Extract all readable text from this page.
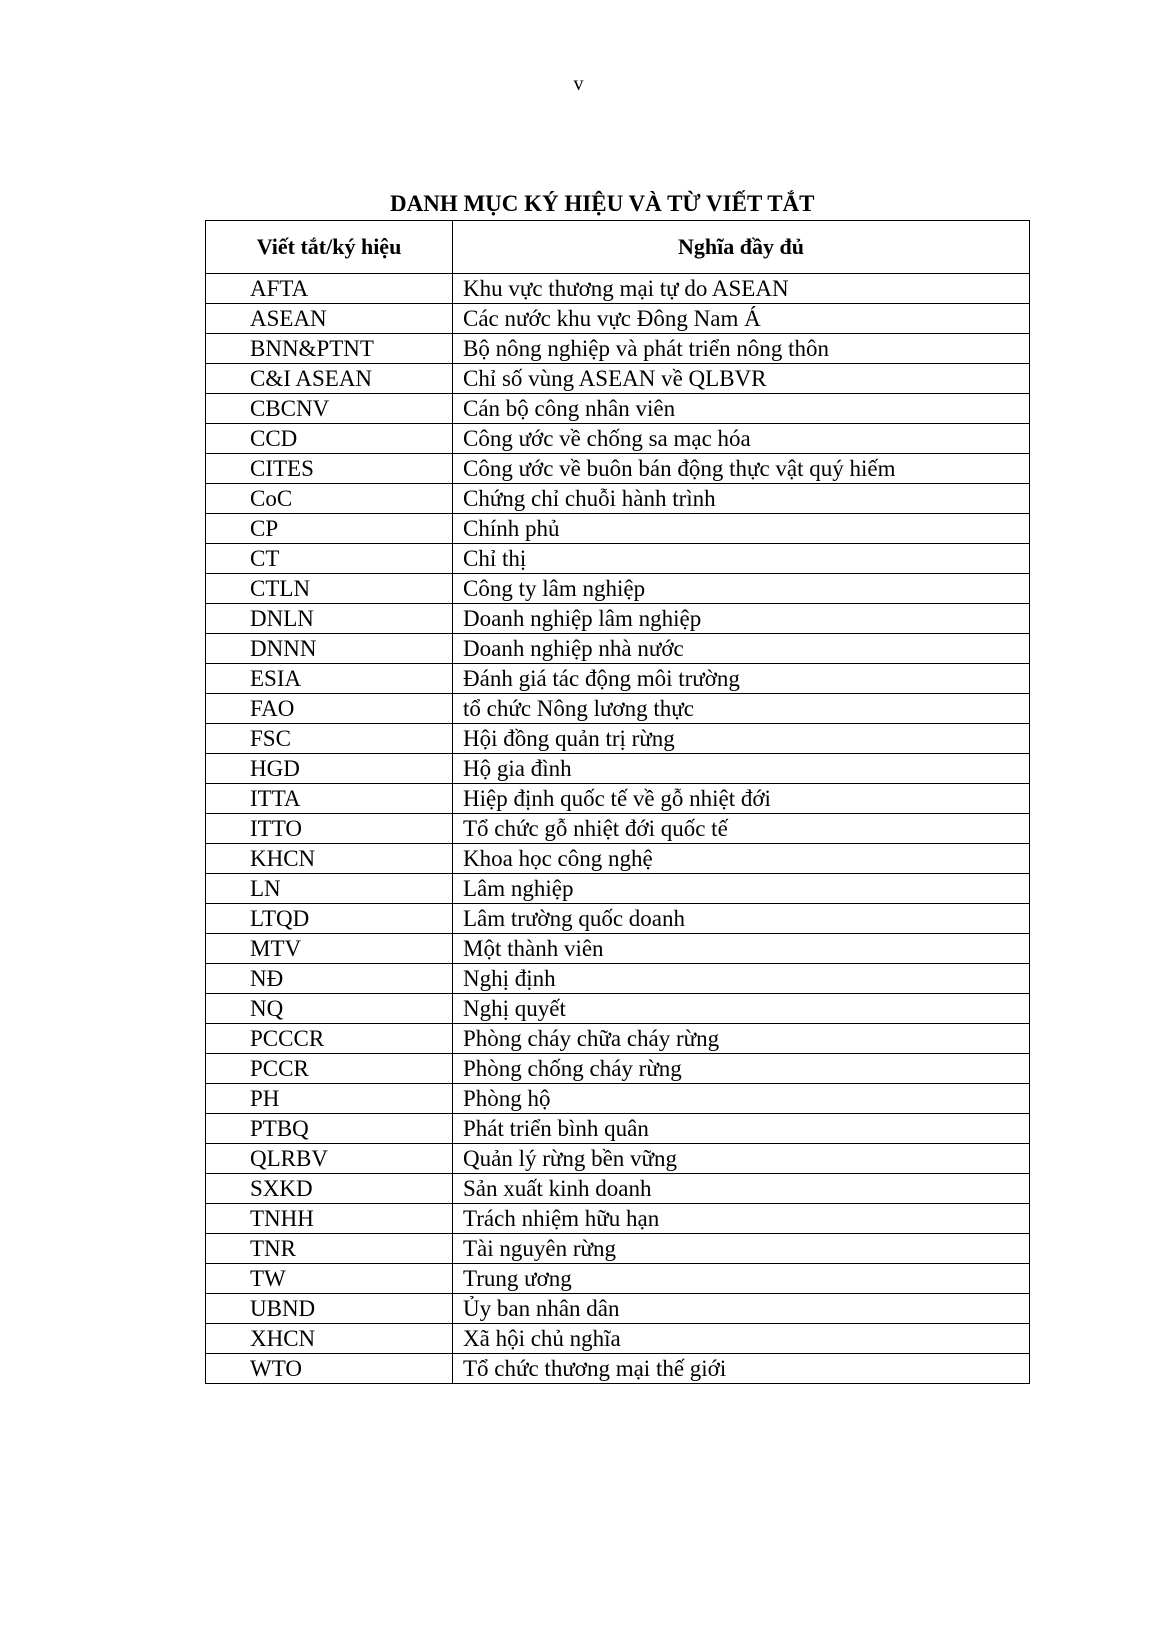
v
DANH MỤC KÝ HIỆU VÀ TỪ VIẾT TẮT
Viết tắt/ký hiệu	Nghĩa đầy đủ
AFTA	Khu vực thương mại tự do ASEAN
ASEAN	Các nước khu vực Đông Nam Á
BNN&PTNT	Bộ nông nghiệp và phát triển nông thôn
C&I ASEAN	Chỉ số vùng ASEAN về QLBVR
CBCNV	Cán bộ công nhân viên
CCD	Công ước về chống sa mạc hóa
CITES	Công ước về buôn bán động thực vật quý hiếm
CoC	Chứng chỉ chuỗi hành trình
CP	Chính phủ
CT	Chỉ thị
CTLN	Công ty lâm nghiệp
DNLN	Doanh nghiệp lâm nghiệp
DNNN	Doanh nghiệp nhà nước
ESIA	Đánh giá tác động môi trường
FAO	tổ chức Nông lương thực
FSC	Hội đồng quản trị rừng
HGD	Hộ gia đình
ITTA	Hiệp định quốc tế về gỗ nhiệt đới
ITTO	Tổ chức gỗ nhiệt đới quốc tế
KHCN	Khoa học công nghệ
LN	Lâm nghiệp
LTQD	Lâm trường quốc doanh
MTV	Một thành viên
NĐ	Nghị định
NQ	Nghị quyết
PCCCR	Phòng cháy chữa cháy rừng
PCCR	Phòng chống cháy rừng
PH	Phòng hộ
PTBQ	Phát triển bình quân
QLRBV	Quản lý rừng bền vững
SXKD	Sản xuất kinh doanh
TNHH	Trách nhiệm hữu hạn
TNR	Tài nguyên rừng
TW	Trung ương
UBND	Ủy ban nhân dân
XHCN	Xã hội chủ nghĩa
WTO	Tổ chức thương mại thế giới
